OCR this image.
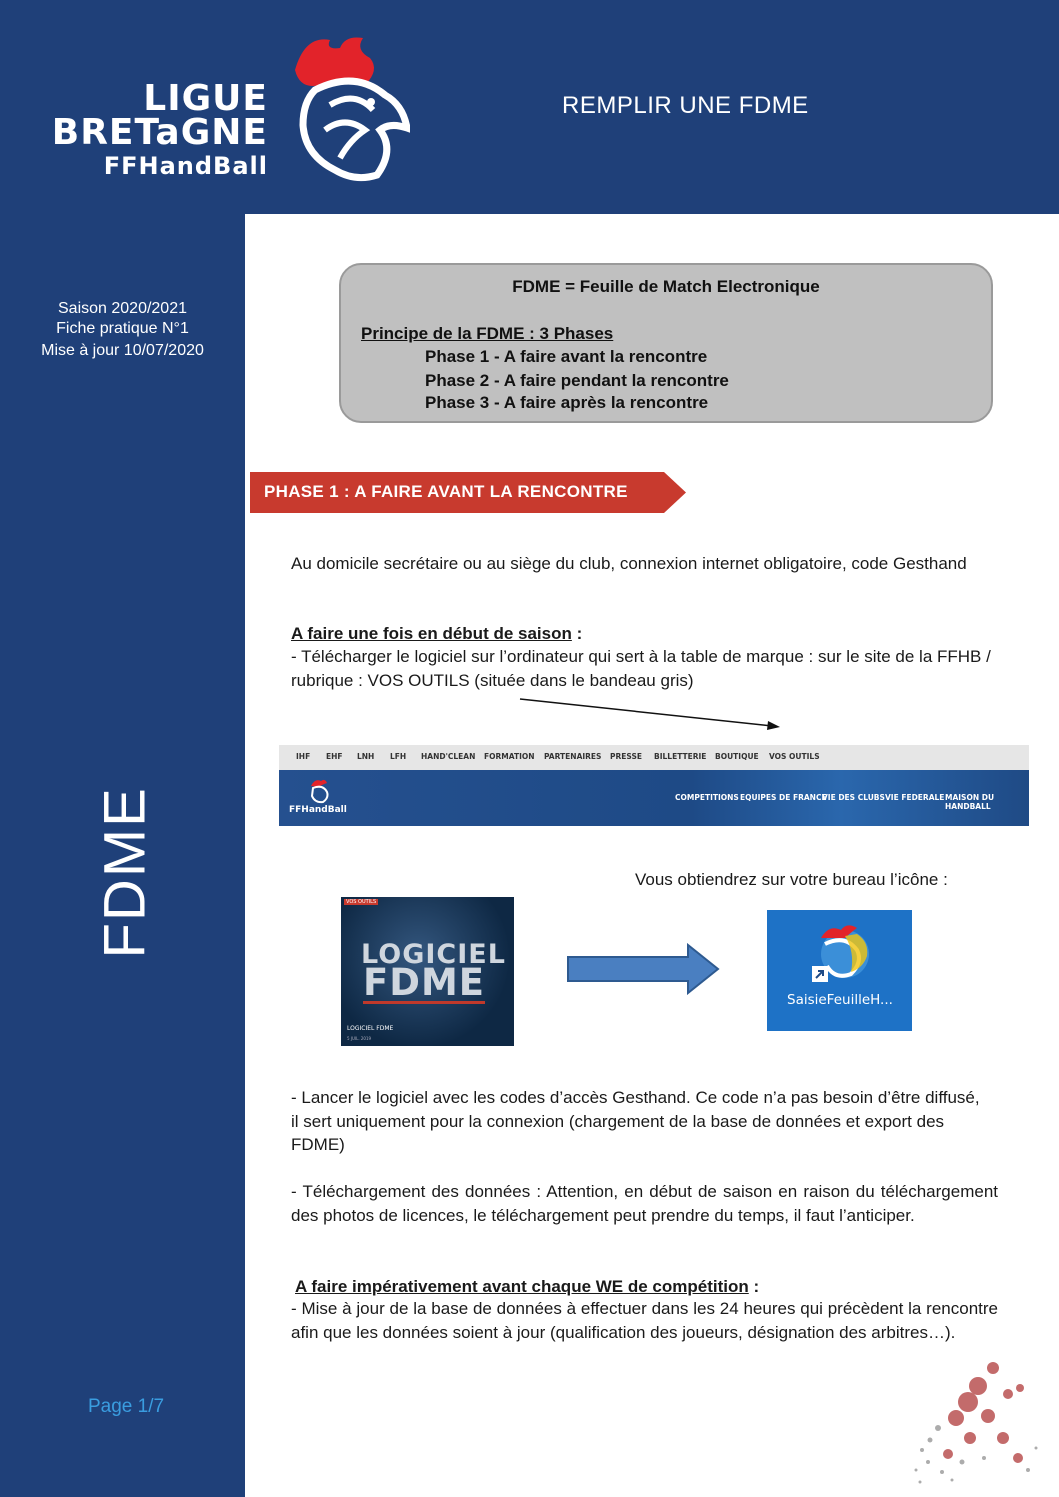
LIGUE
BRETaGNE
FFHandBall
REMPLIR UNE FDME
Saison 2020/2021
Fiche pratique N°1
Mise à jour 10/07/2020
FDME
Page 1/7
FDME = Feuille de Match Electronique
Principe de la FDME : 3 Phases
Phase 1 - A faire avant la rencontre
Phase 2 - A faire pendant la rencontre
Phase 3 - A faire après la rencontre
PHASE 1 : A FAIRE AVANT LA RENCONTRE
Au domicile secrétaire ou au siège du club, connexion internet obligatoire, code Gesthand
A faire une fois en début de saison :
- Télécharger le logiciel sur l’ordinateur qui sert à la table de marque : sur le site de la FFHB / rubrique : VOS OUTILS (située dans le bandeau gris)
IHF EHF LNH LFH HAND'CLEAN FORMATION PARTENAIRES PRESSE BILLETTERIE BOUTIQUE VOS OUTILS
FFHandBall
COMPETITIONS EQUIPES DE FRANCE
VIE DES CLUBS VIE FEDERALE MAISON DU HANDBALL
Vous obtiendrez sur votre bureau l’icône :
VOS OUTILS
LOGICIEL
FDME
LOGICIEL FDME
5 JUIL. 2019
SaisieFeuilleH...
- Lancer le logiciel avec les codes d’accès Gesthand. Ce code n’a pas besoin d’être diffusé, il sert uniquement pour la connexion (chargement de la base de données et export des FDME)
- Téléchargement des données : Attention, en début de saison en raison du téléchargement des photos de licences, le téléchargement peut prendre du temps, il faut l’anticiper.
A faire impérativement avant chaque WE de compétition :
- Mise à jour de la base de données à effectuer dans les 24 heures qui précèdent la rencontre afin que les données soient à jour (qualification des joueurs, désignation des arbitres…).
